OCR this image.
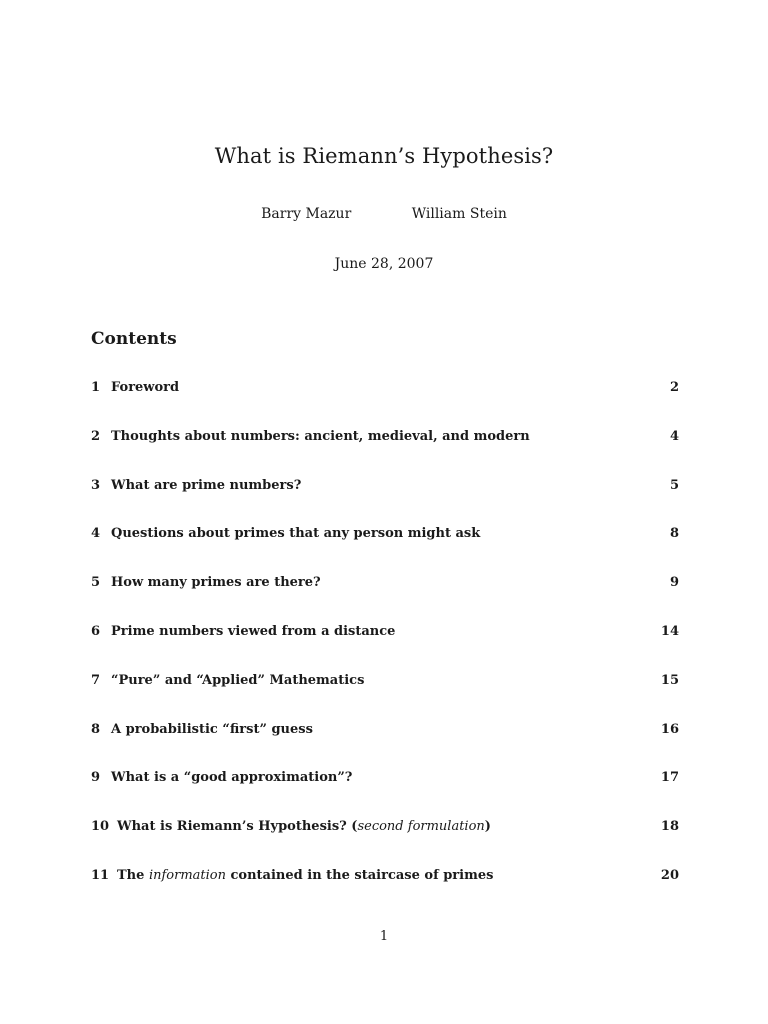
What is Riemann’s Hypothesis?
Barry Mazur	William Stein
June 28, 2007
Contents
1 Foreword	2
2 Thoughts about numbers: ancient, medieval, and modern	4
3 What are prime numbers?	5
4 Questions about primes that any person might ask	8
5 How many primes are there?	9
6 Prime numbers viewed from a distance	14
7 “Pure” and “Applied” Mathematics	15
8 A probabilistic “first” guess	16
9 What is a “good approximation”?	17
10 What is Riemann’s Hypothesis? (second formulation)	18
11 The information contained in the staircase of primes	20
1
